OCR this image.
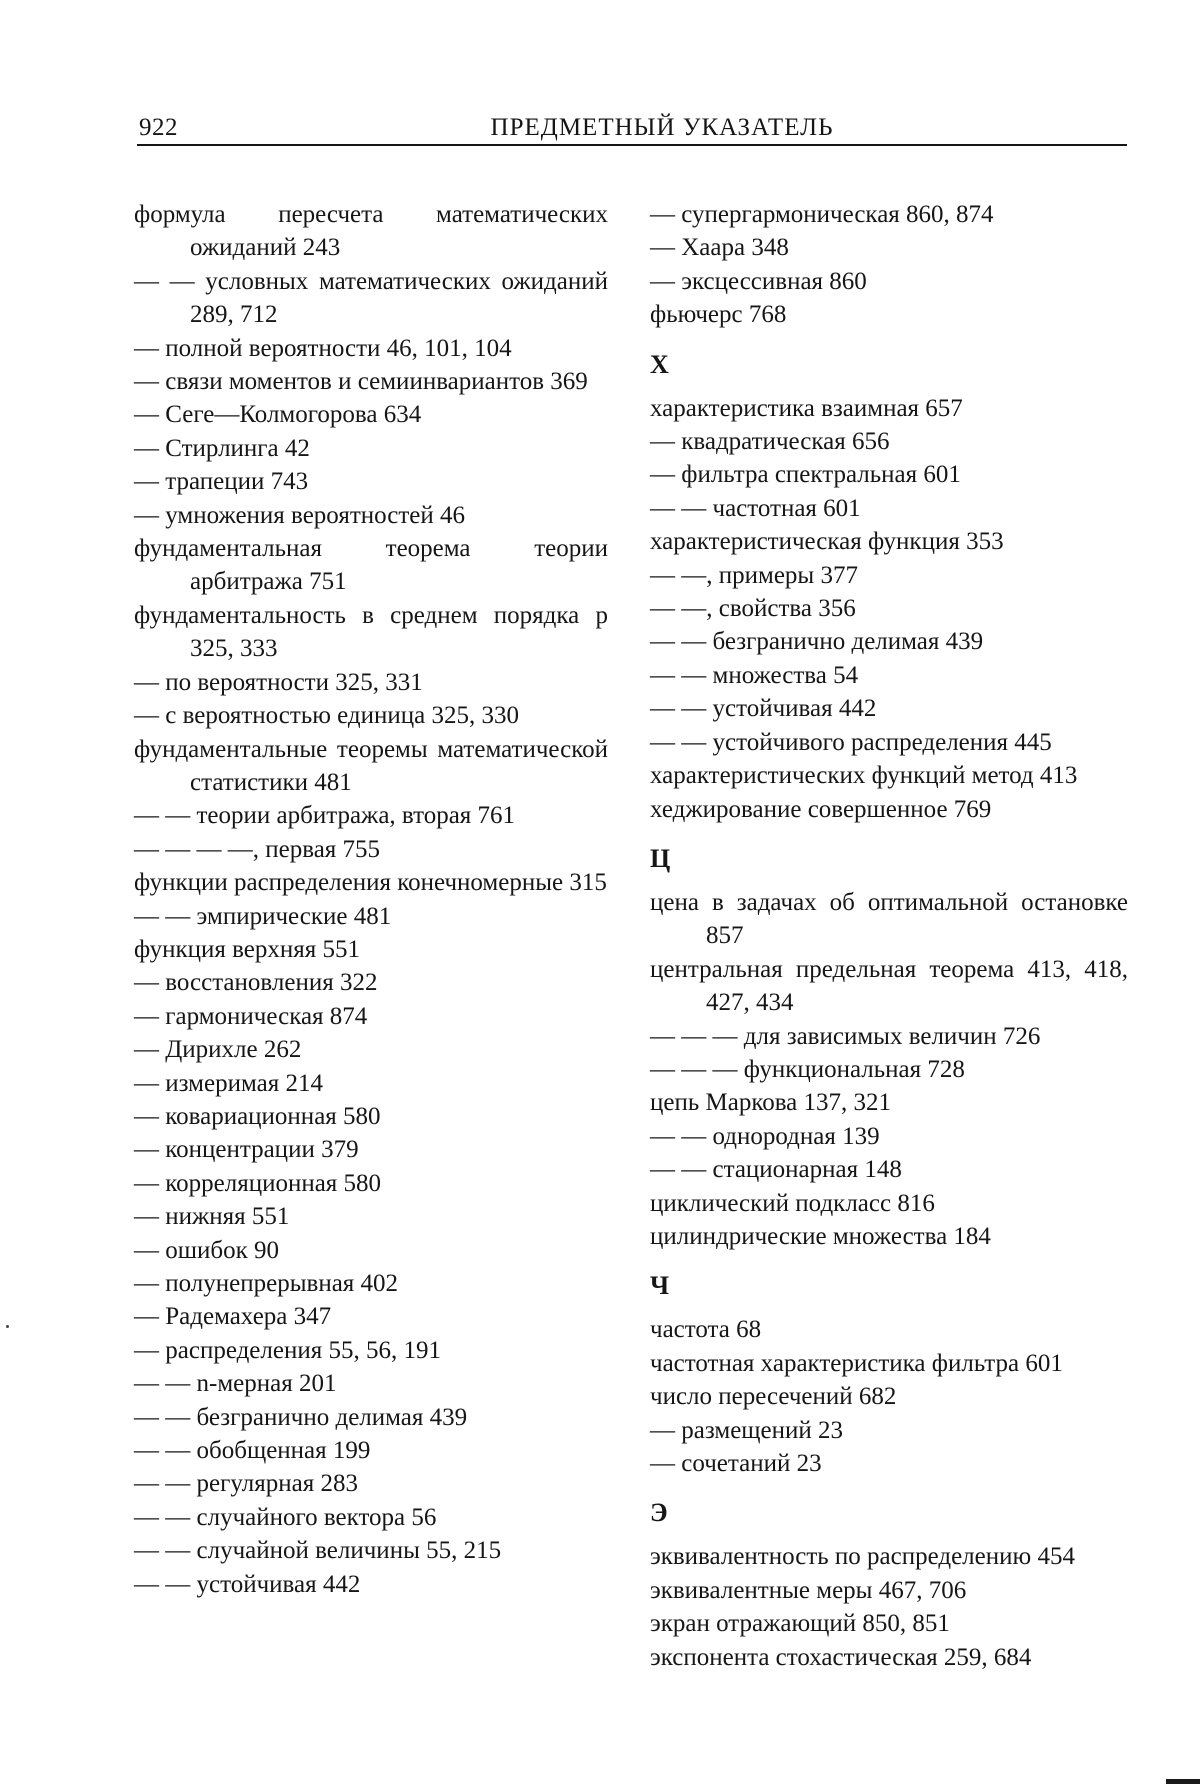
922	ПРЕДМЕТНЫЙ УКАЗАТЕЛЬ

формула пересчета математических ожиданий 243

— — условных математических ожиданий 289, 712

— полной вероятности 46, 101, 104

— связи моментов и семиинвариантов 369

— Сеге—Колмогорова 634

— Стирлинга 42

— трапеции 743

— умножения вероятностей 46

фундаментальная теорема теории арбитража 751

фундаментальность в среднем порядка p 325, 333

— по вероятности 325, 331

— с вероятностью единица 325, 330

фундаментальные теоремы математической статистики 481

— — теории арбитража, вторая 761

— — — —, первая 755

функции распределения конечномерные 315

— — эмпирические 481

функция верхняя 551

— восстановления 322

— гармоническая 874

— Дирихле 262

— измеримая 214

— ковариационная 580

— концентрации 379

— корреляционная 580

— нижняя 551

— ошибок 90

— полунепрерывная 402

— Радемахера 347

— распределения 55, 56, 191

— — n-мерная 201

— — безгранично делимая 439

— — обобщенная 199

— — регулярная 283

— — случайного вектора 56

— — случайной величины 55, 215

— — устойчивая 442

— супергармоническая 860, 874

— Хаара 348

— эксцессивная 860

фьючерс 768

Х

характеристика взаимная 657

— квадратическая 656

— фильтра спектральная 601

— — частотная 601

характеристическая функция 353

— —, примеры 377

— —, свойства 356

— — безгранично делимая 439

— — множества 54

— — устойчивая 442

— — устойчивого распределения 445

характеристических функций метод 413

хеджирование совершенное 769

Ц

цена в задачах об оптимальной остановке 857

центральная предельная теорема 413, 418, 427, 434

— — — для зависимых величин 726

— — — функциональная 728

цепь Маркова 137, 321

— — однородная 139

— — стационарная 148

циклический подкласс 816

цилиндрические множества 184

Ч

частота 68

частотная характеристика фильтра 601

число пересечений 682

— размещений 23

— сочетаний 23

Э

эквивалентность по распределению 454

эквивалентные меры 467, 706

экран отражающий 850, 851

экспонента стохастическая 259, 684
